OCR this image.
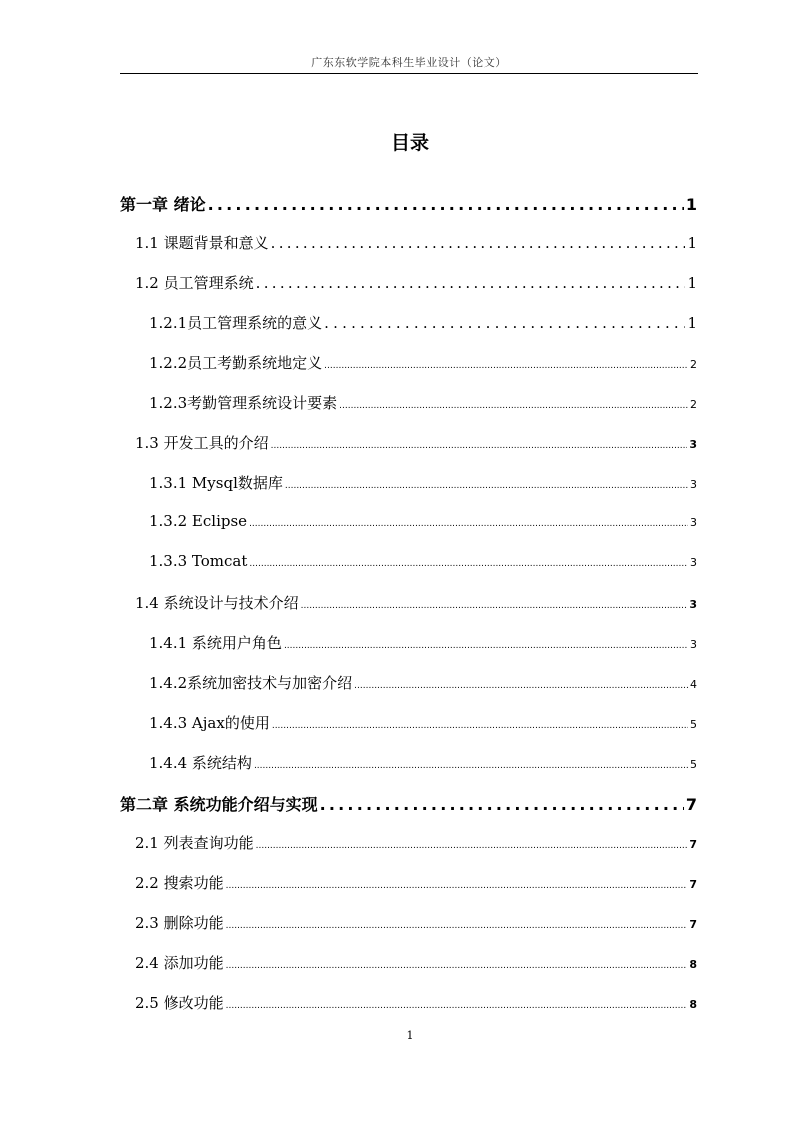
广东东软学院本科生毕业设计（论文）
目录
第一章 绪论 .....	1
1.1 课题背景和意义 .....	1
1.2 员工管理系统 .....	1
1.2.1员工管理系统的意义 .....	1
1.2.2员工考勤系统地定义 .....	2
1.2.3考勤管理系统设计要素 .....	2
1.3 开发工具的介绍 .....	3
1.3.1 Mysql数据库 .....	3
1.3.2 Eclipse .....	3
1.3.3 Tomcat .....	3
1.4 系统设计与技术介绍 .....	3
1.4.1 系统用户角色 .....	3
1.4.2系统加密技术与加密介绍 .....	4
1.4.3 Ajax的使用 .....	5
1.4.4 系统结构 .....	5
第二章 系统功能介绍与实现 .....	7
2.1 列表查询功能 .....	7
2.2 搜索功能 .....	7
2.3 删除功能 .....	7
2.4 添加功能 .....	8
2.5 修改功能 .....	8
1
